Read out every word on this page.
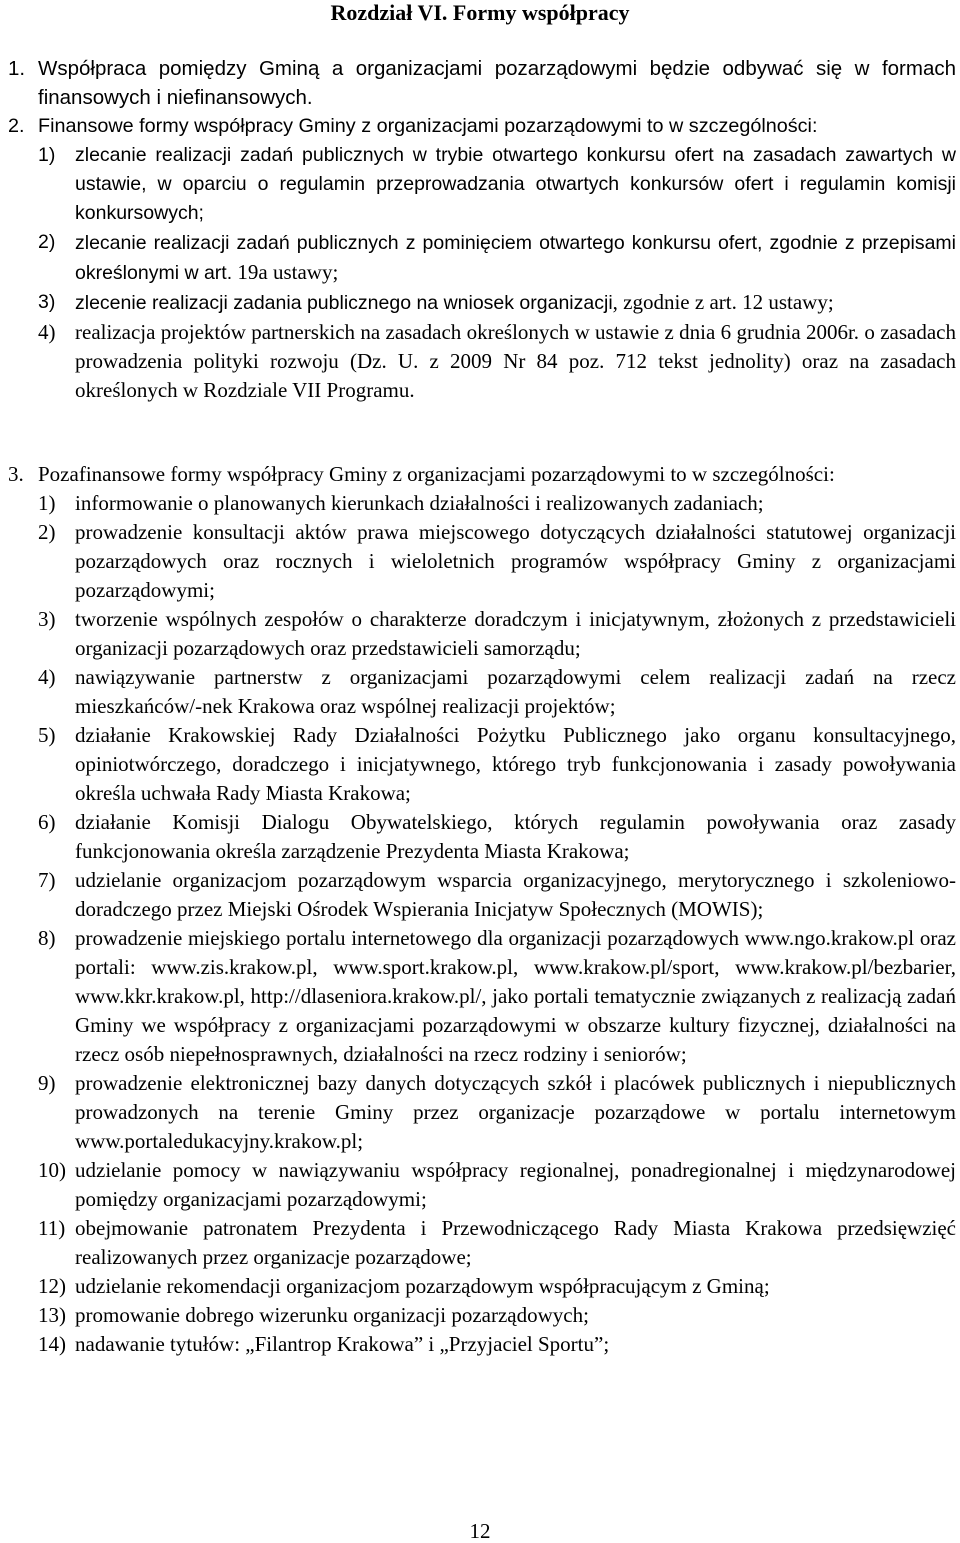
Rozdział VI. Formy współpracy
1. Współpraca pomiędzy Gminą a organizacjami pozarządowymi będzie odbywać się w formach finansowych i niefinansowych.
2. Finansowe formy współpracy Gminy z organizacjami pozarządowymi to w szczególności:
1) zlecanie realizacji zadań publicznych w trybie otwartego konkursu ofert na zasadach zawartych w ustawie, w oparciu o regulamin przeprowadzania otwartych konkursów ofert i regulamin komisji konkursowych;
2) zlecanie realizacji zadań publicznych z pominięciem otwartego konkursu ofert, zgodnie z przepisami określonymi w art. 19a ustawy;
3) zlecenie realizacji zadania publicznego na wniosek organizacji, zgodnie z art. 12 ustawy;
4) realizacja projektów partnerskich na zasadach określonych w ustawie z dnia 6 grudnia 2006r. o zasadach prowadzenia polityki rozwoju (Dz. U. z 2009 Nr 84 poz. 712 tekst jednolity) oraz na zasadach określonych w Rozdziale VII Programu.
3. Pozafinansowe formy współpracy Gminy z organizacjami pozarządowymi to w szczególności:
1) informowanie o planowanych kierunkach działalności i realizowanych zadaniach;
2) prowadzenie konsultacji aktów prawa miejscowego dotyczących działalności statutowej organizacji pozarządowych oraz rocznych i wieloletnich programów współpracy Gminy z organizacjami pozarządowymi;
3) tworzenie wspólnych zespołów o charakterze doradczym i inicjatywnym, złożonych z przedstawicieli organizacji pozarządowych oraz przedstawicieli samorządu;
4) nawiązywanie partnerstw z organizacjami pozarządowymi celem realizacji zadań na rzecz mieszkańców/-nek Krakowa oraz wspólnej realizacji projektów;
5) działanie Krakowskiej Rady Działalności Pożytku Publicznego jako organu konsultacyjnego, opiniotwórczego, doradczego i inicjatywnego, którego tryb funkcjonowania i zasady powoływania określa uchwała Rady Miasta Krakowa;
6) działanie Komisji Dialogu Obywatelskiego, których regulamin powoływania oraz zasady funkcjonowania określa zarządzenie Prezydenta Miasta Krakowa;
7) udzielanie organizacjom pozarządowym wsparcia organizacyjnego, merytorycznego i szkoleniowo-doradczego przez Miejski Ośrodek Wspierania Inicjatyw Społecznych (MOWIS);
8) prowadzenie miejskiego portalu internetowego dla organizacji pozarządowych www.ngo.krakow.pl oraz portali: www.zis.krakow.pl, www.sport.krakow.pl, www.krakow.pl/sport, www.krakow.pl/bezbarier, www.kkr.krakow.pl, http://dlaseniora.krakow.pl/, jako portali tematycznie związanych z realizacją zadań Gminy we współpracy z organizacjami pozarządowymi w obszarze kultury fizycznej, działalności na rzecz osób niepełnosprawnych, działalności na rzecz rodziny i seniorów;
9) prowadzenie elektronicznej bazy danych dotyczących szkół i placówek publicznych i niepublicznych prowadzonych na terenie Gminy przez organizacje pozarządowe w portalu internetowym www.portaledukacyjny.krakow.pl;
10) udzielanie pomocy w nawiązywaniu współpracy regionalnej, ponadregionalnej i międzynarodowej pomiędzy organizacjami pozarządowymi;
11) obejmowanie patronatem Prezydenta i Przewodniczącego Rady Miasta Krakowa przedsięwzięć realizowanych przez organizacje pozarządowe;
12) udzielanie rekomendacji organizacjom pozarządowym współpracującym z Gminą;
13) promowanie dobrego wizerunku organizacji pozarządowych;
14) nadawanie tytułów: „Filantrop Krakowa” i „Przyjaciel Sportu”;
12
